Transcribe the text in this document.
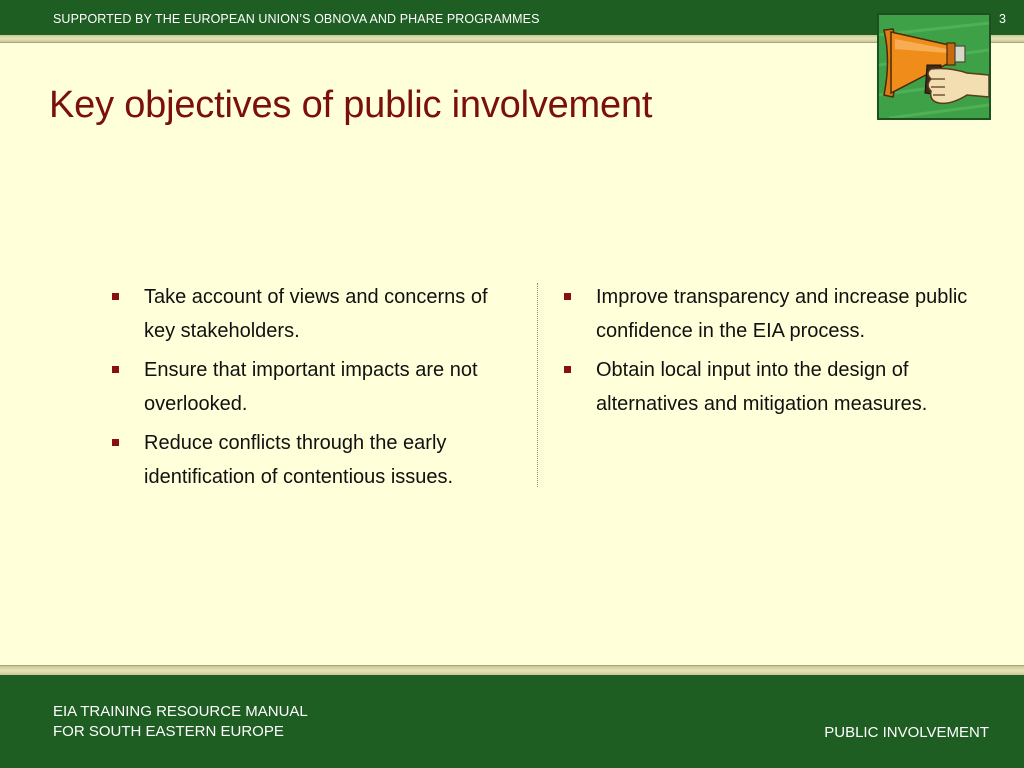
SUPPORTED BY THE EUROPEAN UNION’S OBNOVA AND PHARE PROGRAMMES	3
Key objectives of public involvement
Take account of views and concerns of key stakeholders.
Ensure that important impacts are not overlooked.
Reduce conflicts through the early identification of contentious issues.
Improve transparency and increase public confidence in the EIA process.
Obtain local input into the design of alternatives and mitigation measures.
EIA TRAINING RESOURCE MANUAL
FOR SOUTH EASTERN EUROPE	PUBLIC INVOLVEMENT
